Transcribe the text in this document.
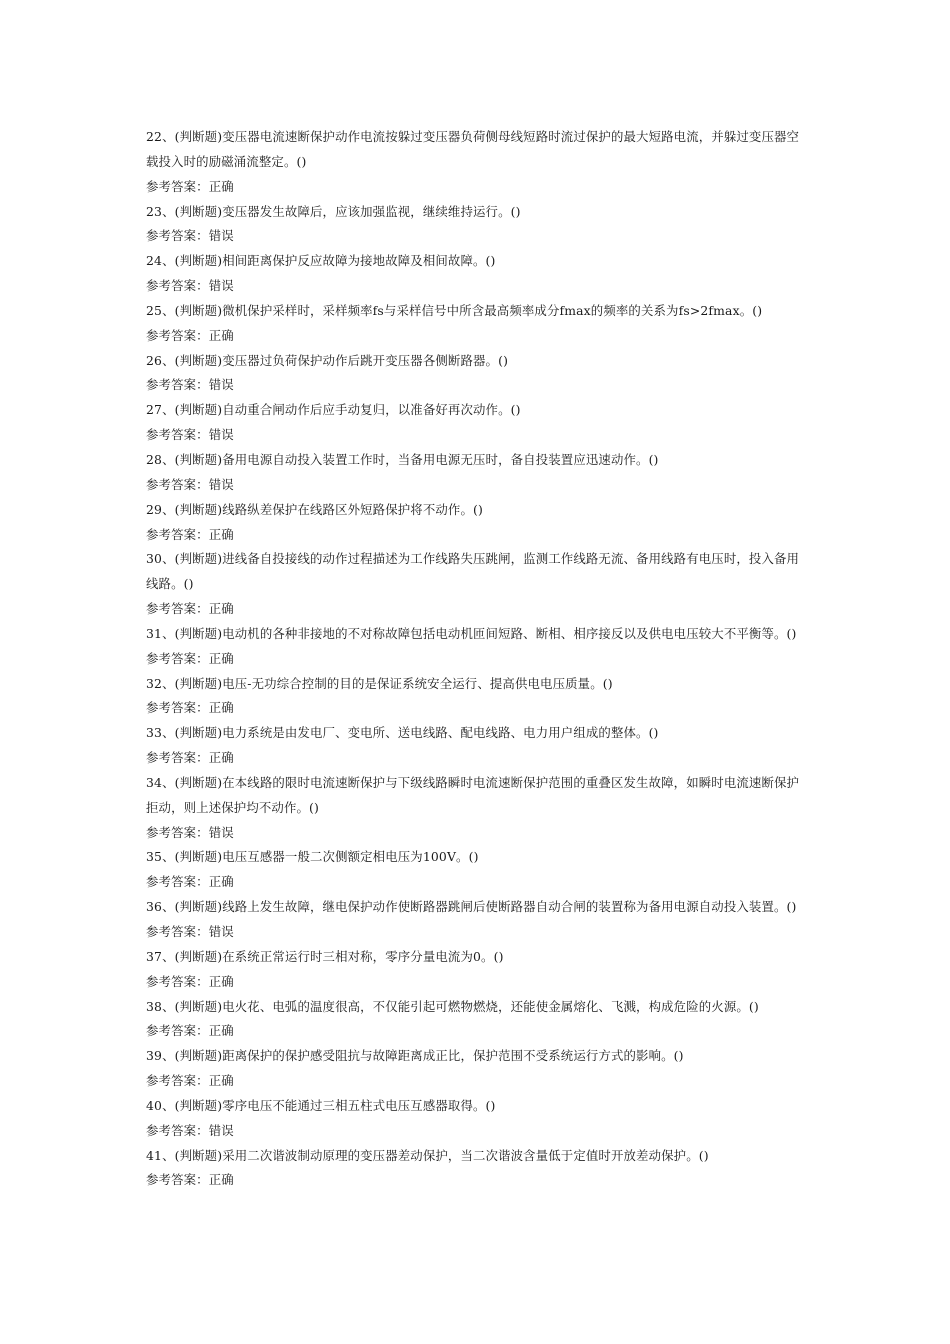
22、(判断题)变压器电流速断保护动作电流按躲过变压器负荷侧母线短路时流过保护的最大短路电流，并躲过变压器空
载投入时的励磁涌流整定。()
参考答案：正确
23、(判断题)变压器发生故障后，应该加强监视，继续维持运行。()
参考答案：错误
24、(判断题)相间距离保护反应故障为接地故障及相间故障。()
参考答案：错误
25、(判断题)微机保护采样时，采样频率fs与采样信号中所含最高频率成分fmax的频率的关系为fs>2fmax。()
参考答案：正确
26、(判断题)变压器过负荷保护动作后跳开变压器各侧断路器。()
参考答案：错误
27、(判断题)自动重合闸动作后应手动复归，以准备好再次动作。()
参考答案：错误
28、(判断题)备用电源自动投入装置工作时，当备用电源无压时，备自投装置应迅速动作。()
参考答案：错误
29、(判断题)线路纵差保护在线路区外短路保护将不动作。()
参考答案：正确
30、(判断题)进线备自投接线的动作过程描述为工作线路失压跳闸，监测工作线路无流、备用线路有电压时，投入备用
线路。()
参考答案：正确
31、(判断题)电动机的各种非接地的不对称故障包括电动机匝间短路、断相、相序接反以及供电电压较大不平衡等。()
参考答案：正确
32、(判断题)电压-无功综合控制的目的是保证系统安全运行、提高供电电压质量。()
参考答案：正确
33、(判断题)电力系统是由发电厂、变电所、送电线路、配电线路、电力用户组成的整体。()
参考答案：正确
34、(判断题)在本线路的限时电流速断保护与下级线路瞬时电流速断保护范围的重叠区发生故障，如瞬时电流速断保护
拒动，则上述保护均不动作。()
参考答案：错误
35、(判断题)电压互感器一般二次侧额定相电压为100V。()
参考答案：正确
36、(判断题)线路上发生故障，继电保护动作使断路器跳闸后使断路器自动合闸的装置称为备用电源自动投入装置。()
参考答案：错误
37、(判断题)在系统正常运行时三相对称，零序分量电流为0。()
参考答案：正确
38、(判断题)电火花、电弧的温度很高，不仅能引起可燃物燃烧，还能使金属熔化、飞溅，构成危险的火源。()
参考答案：正确
39、(判断题)距离保护的保护感受阻抗与故障距离成正比，保护范围不受系统运行方式的影响。()
参考答案：正确
40、(判断题)零序电压不能通过三相五柱式电压互感器取得。()
参考答案：错误
41、(判断题)采用二次谐波制动原理的变压器差动保护，当二次谐波含量低于定值时开放差动保护。()
参考答案：正确
